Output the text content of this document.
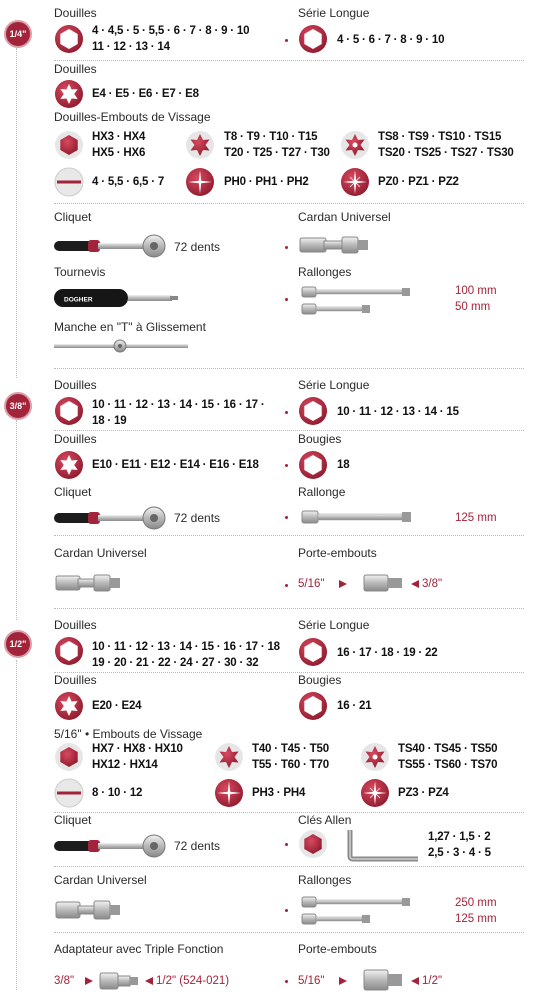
1/4"
Douilles
4 · 4,5 · 5 · 5,5 · 6 · 7 · 8 · 9 · 10
11 · 12 · 13 · 14
Série Longue
4 · 5 · 6 · 7 · 8 · 9 · 10
Douilles
E4 · E5 · E6 · E7 · E8
Douilles-Embouts de Vissage
HX3 · HX4
HX5 · HX6
T8 · T9 · T10 · T15
T20 · T25 · T27 · T30
TS8 · TS9 · TS10 · TS15
TS20 · TS25 · TS27 · TS30
4 · 5,5 · 6,5 · 7	PH0 · PH1 · PH2	PZ0 · PZ1 · PZ2
Cliquet
72 dents
Cardan Universel
Tournevis
DOGHER
Rallonges
100 mm
50 mm
Manche en "T" à Glissement
3/8"
Douilles
10 · 11 · 12 · 13 · 14 · 15 · 16 · 17 ·
18 · 19
Série Longue
10 · 11 · 12 · 13 · 14 · 15
Douilles
E10 · E11 · E12 · E14 · E16 · E18
Bougies
18
Cliquet
72 dents
Rallonge
125 mm
Cardan Universel	Porte-embouts
5/16"	3/8"
1/2"
Douilles
10 · 11 · 12 · 13 · 14 · 15 · 16 · 17 · 18
19 · 20 · 21 · 22 · 24 · 27 · 30 · 32
Série Longue
16 · 17 · 18 · 19 · 22
Douilles
E20 · E24
Bougies
16 · 21
5/16" • Embouts de Vissage
HX7 · HX8 · HX10
HX12 · HX14
T40 · T45 · T50
T55 · T60 · T70
TS40 · TS45 · TS50
TS55 · TS60 · TS70
8 · 10 · 12	PH3 · PH4	PZ3 · PZ4
Cliquet
72 dents
Clés Allen
1,27 · 1,5 · 2
2,5 · 3 · 4 · 5
Cardan Universel	Rallonges
250 mm
125 mm
Adaptateur avec Triple Fonction
3/8"	1/2" (524-021)
Porte-embouts
5/16"	1/2"
